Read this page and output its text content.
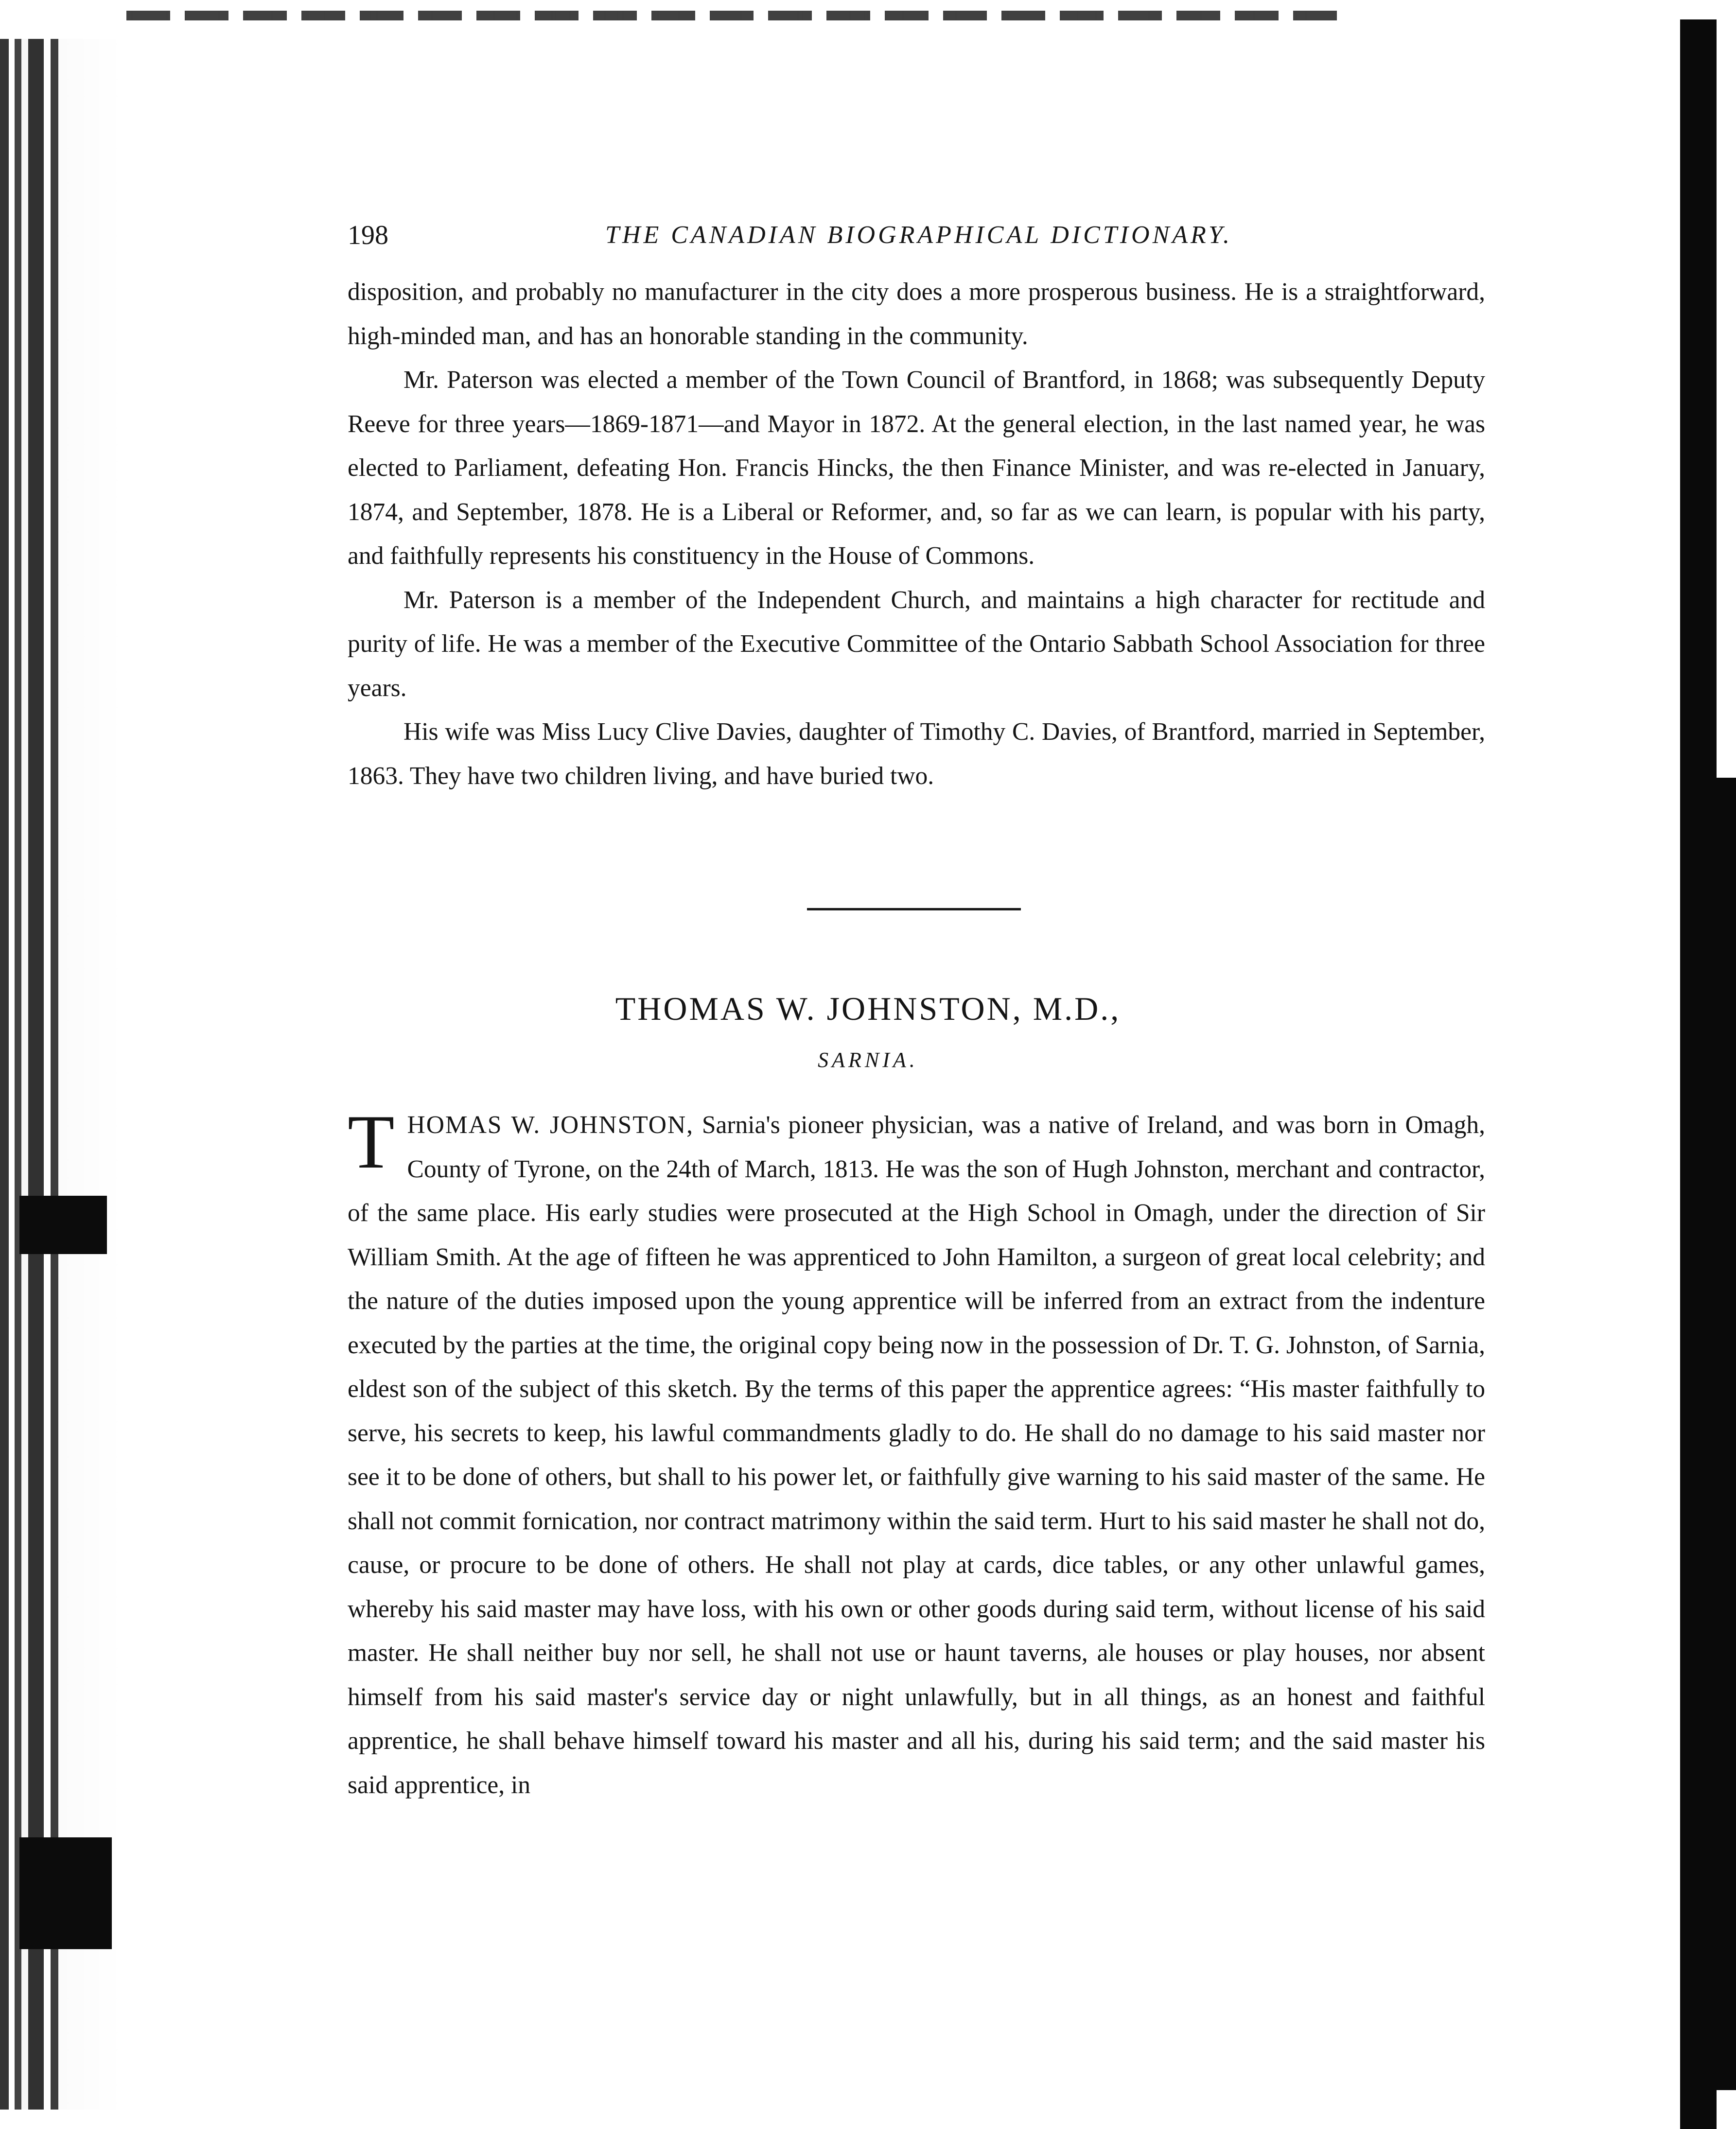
198	THE CANADIAN BIOGRAPHICAL DICTIONARY.

disposition, and probably no manufacturer in the city does a more prosperous business. He is a straightforward, high-minded man, and has an honorable standing in the community.

Mr. Paterson was elected a member of the Town Council of Brantford, in 1868; was subsequently Deputy Reeve for three years—1869-1871—and Mayor in 1872. At the general election, in the last named year, he was elected to Parliament, defeating Hon. Francis Hincks, the then Finance Minister, and was re-elected in January, 1874, and September, 1878. He is a Liberal or Reformer, and, so far as we can learn, is popular with his party, and faithfully represents his constituency in the House of Commons.

Mr. Paterson is a member of the Independent Church, and maintains a high character for rectitude and purity of life. He was a member of the Executive Committee of the Ontario Sabbath School Association for three years.

His wife was Miss Lucy Clive Davies, daughter of Timothy C. Davies, of Brantford, married in September, 1863. They have two children living, and have buried two.

THOMAS W. JOHNSTON, M.D.,
SARNIA.

THOMAS W. JOHNSTON, Sarnia's pioneer physician, was a native of Ireland, and was born in Omagh, County of Tyrone, on the 24th of March, 1813. He was the son of Hugh Johnston, merchant and contractor, of the same place. His early studies were prosecuted at the High School in Omagh, under the direction of Sir William Smith. At the age of fifteen he was apprenticed to John Hamilton, a surgeon of great local celebrity; and the nature of the duties imposed upon the young apprentice will be inferred from an extract from the indenture executed by the parties at the time, the original copy being now in the possession of Dr. T. G. Johnston, of Sarnia, eldest son of the subject of this sketch. By the terms of this paper the apprentice agrees: “His master faithfully to serve, his secrets to keep, his lawful commandments gladly to do. He shall do no damage to his said master nor see it to be done of others, but shall to his power let, or faithfully give warning to his said master of the same. He shall not commit fornication, nor contract matrimony within the said term. Hurt to his said master he shall not do, cause, or procure to be done of others. He shall not play at cards, dice tables, or any other unlawful games, whereby his said master may have loss, with his own or other goods during said term, without license of his said master. He shall neither buy nor sell, he shall not use or haunt taverns, ale houses or play houses, nor absent himself from his said master's service day or night unlawfully, but in all things, as an honest and faithful apprentice, he shall behave himself toward his master and all his, during his said term; and the said master his said apprentice, in
